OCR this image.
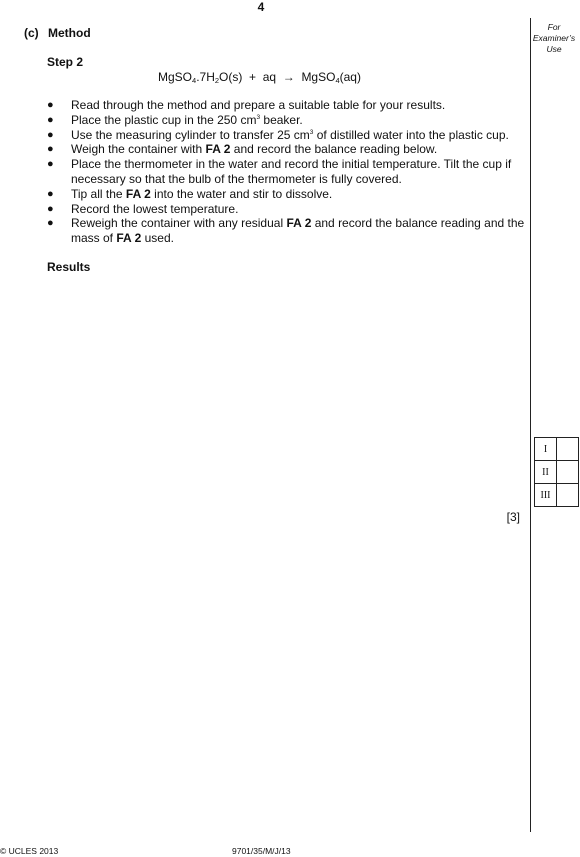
4
For
Examiner’s
Use
(c) Method
Step 2
$MgSO_4.7H_2O(s)$ + aq → MgSO$_4$(aq)
● Read through the method and prepare a suitable table for your results.
● Place the plastic cup in the 250 $cm^3$ beaker.
● Use the measuring cylinder to transfer 25 $cm^3$ of distilled water into the plastic cup.
● Weigh the container with FA 2 and record the balance reading below.
● Place the thermometer in the water and record the initial temperature. Tilt the cup if necessary so that the bulb of the thermometer is fully covered.
● Tip all the FA 2 into the water and stir to dissolve.
● Record the lowest temperature.
● Reweigh the container with any residual FA 2 and record the balance reading and the mass of FA 2 used.
Results
[3]
I	
II	
III	
© UCLES 2013	9701/35/M/J/13
